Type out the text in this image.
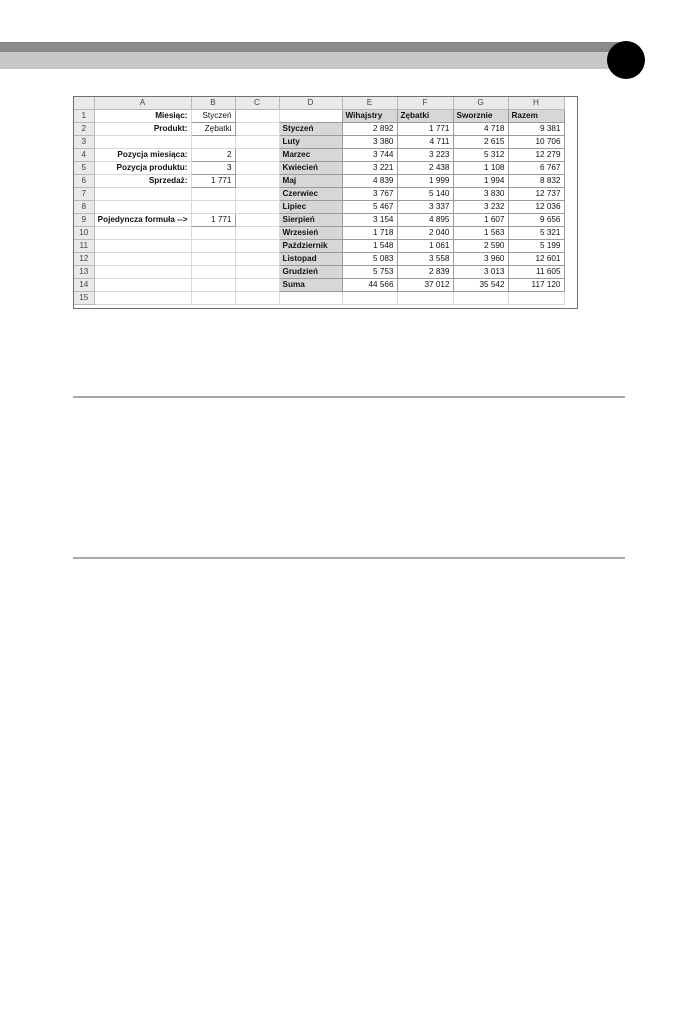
	A	B	C	D	E	F	G	H
1	Miesiąc:	Styczeń			Wihajstry	Zębatki	Sworznie	Razem
2	Produkt:	Zębatki		Styczeń	2 892	1 771	4 718	9 381
3				Luty	3 380	4 711	2 615	10 706
4	Pozycja miesiąca:	2		Marzec	3 744	3 223	5 312	12 279
5	Pozycja produktu:	3		Kwiecień	3 221	2 438	1 108	6 767
6	Sprzedaż:	1 771		Maj	4 839	1 999	1 994	8 832
7				Czerwiec	3 767	5 140	3 830	12 737
8				Lipiec	5 467	3 337	3 232	12 036
9	Pojedyncza formuła -->	1 771		Sierpień	3 154	4 895	1 607	9 656
10				Wrzesień	1 718	2 040	1 563	5 321
11				Październik	1 548	1 061	2 590	5 199
12				Listopad	5 083	3 558	3 960	12 601
13				Grudzień	5 753	2 839	3 013	11 605
14				Suma	44 566	37 012	35 542	117 120
15								
